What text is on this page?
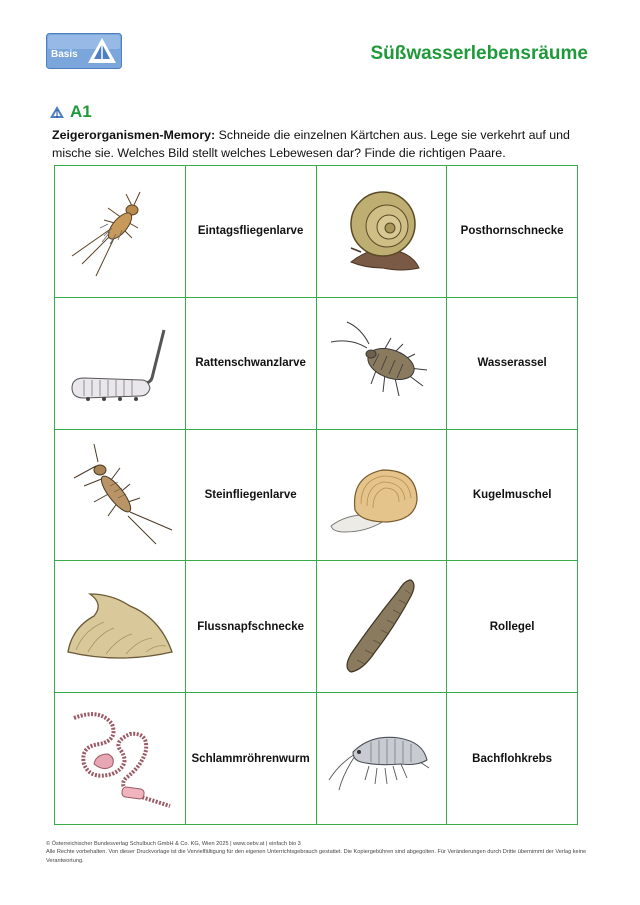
Basis	Süßwasserlebensräume
A1

Zeigerorganismen-Memory: Schneide die einzelnen Kärtchen aus. Lege sie verkehrt auf und mische sie. Welches Bild stellt welches Lebewesen dar? Finde die richtigen Paare.

Eintagsfliegenlarve	Posthornschnecke
Rattenschwanzlarve	Wasserassel
Steinfliegenlarve	Kugelmuschel
Flussnapfschnecke	Rollegel
Schlammröhrenwurm	Bachflohkrebs

© Österreichischer Bundesverlag Schulbuch GmbH & Co. KG, Wien 2025 | www.oebv.at | einfach bio 3
Alle Rechte vorbehalten. Von dieser Druckvorlage ist die Vervielfältigung für den eigenen Unterrichtsgebrauch gestattet. Die Kopiergebühren sind abgegolten. Für Veränderungen durch Dritte übernimmt der Verlag keine Verantwortung.
